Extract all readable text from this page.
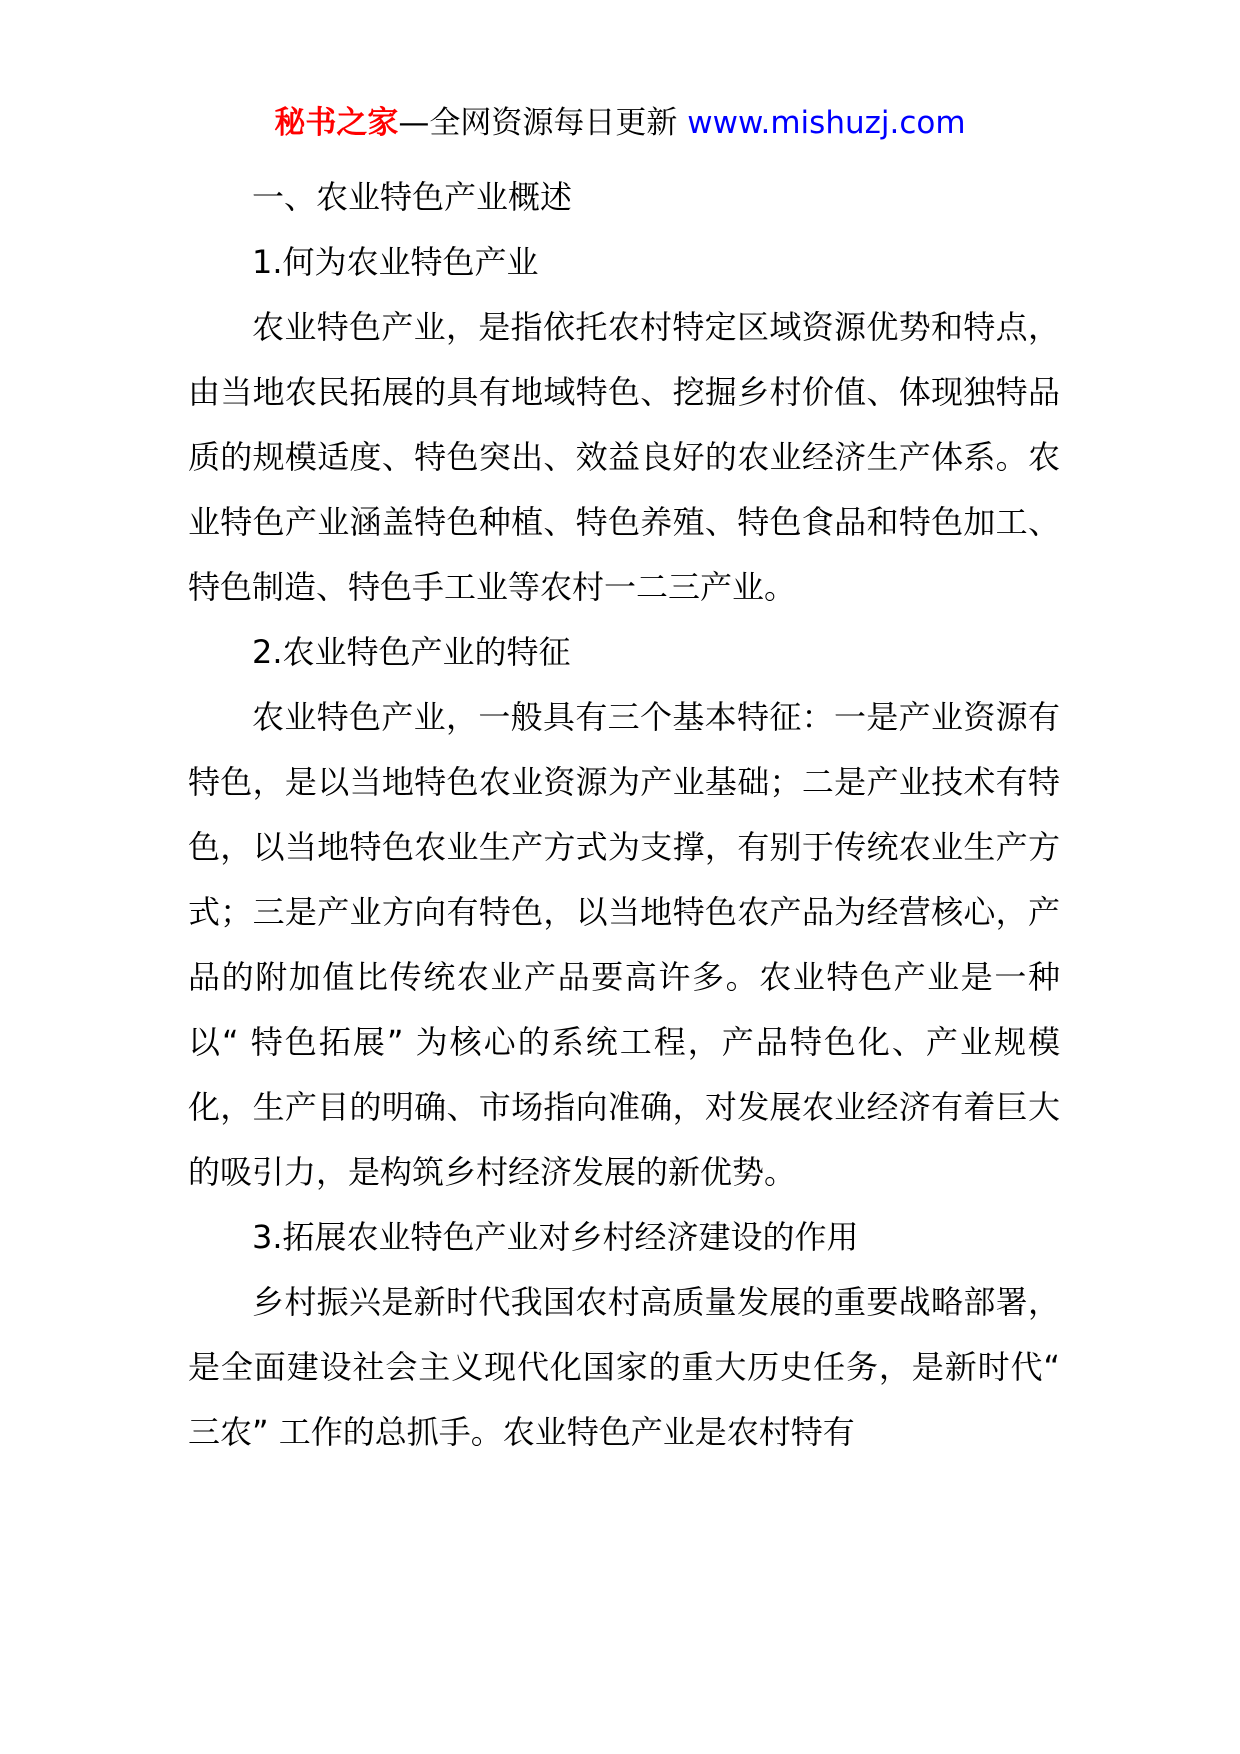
秘书之家—全网资源每日更新 www.mishuzj.com

一、农业特色产业概述

1.何为农业特色产业

农业特色产业，是指依托农村特定区域资源优势和特点，由当地农民拓展的具有地域特色、挖掘乡村价值、体现独特品质的规模适度、特色突出、效益良好的农业经济生产体系。农业特色产业涵盖特色种植、特色养殖、特色食品和特色加工、特色制造、特色手工业等农村一二三产业。

2.农业特色产业的特征

农业特色产业，一般具有三个基本特征：一是产业资源有特色，是以当地特色农业资源为产业基础；二是产业技术有特色，以当地特色农业生产方式为支撑，有别于传统农业生产方式；三是产业方向有特色，以当地特色农产品为经营核心，产品的附加值比传统农业产品要高许多。农业特色产业是一种以“ 特色拓展” 为核心的系统工程，产品特色化、产业规模化，生产目的明确、市场指向准确，对发展农业经济有着巨大的吸引力，是构筑乡村经济发展的新优势。

3.拓展农业特色产业对乡村经济建设的作用

乡村振兴是新时代我国农村高质量发展的重要战略部署，是全面建设社会主义现代化国家的重大历史任务，是新时代“ 三农” 工作的总抓手。农业特色产业是农村特有
